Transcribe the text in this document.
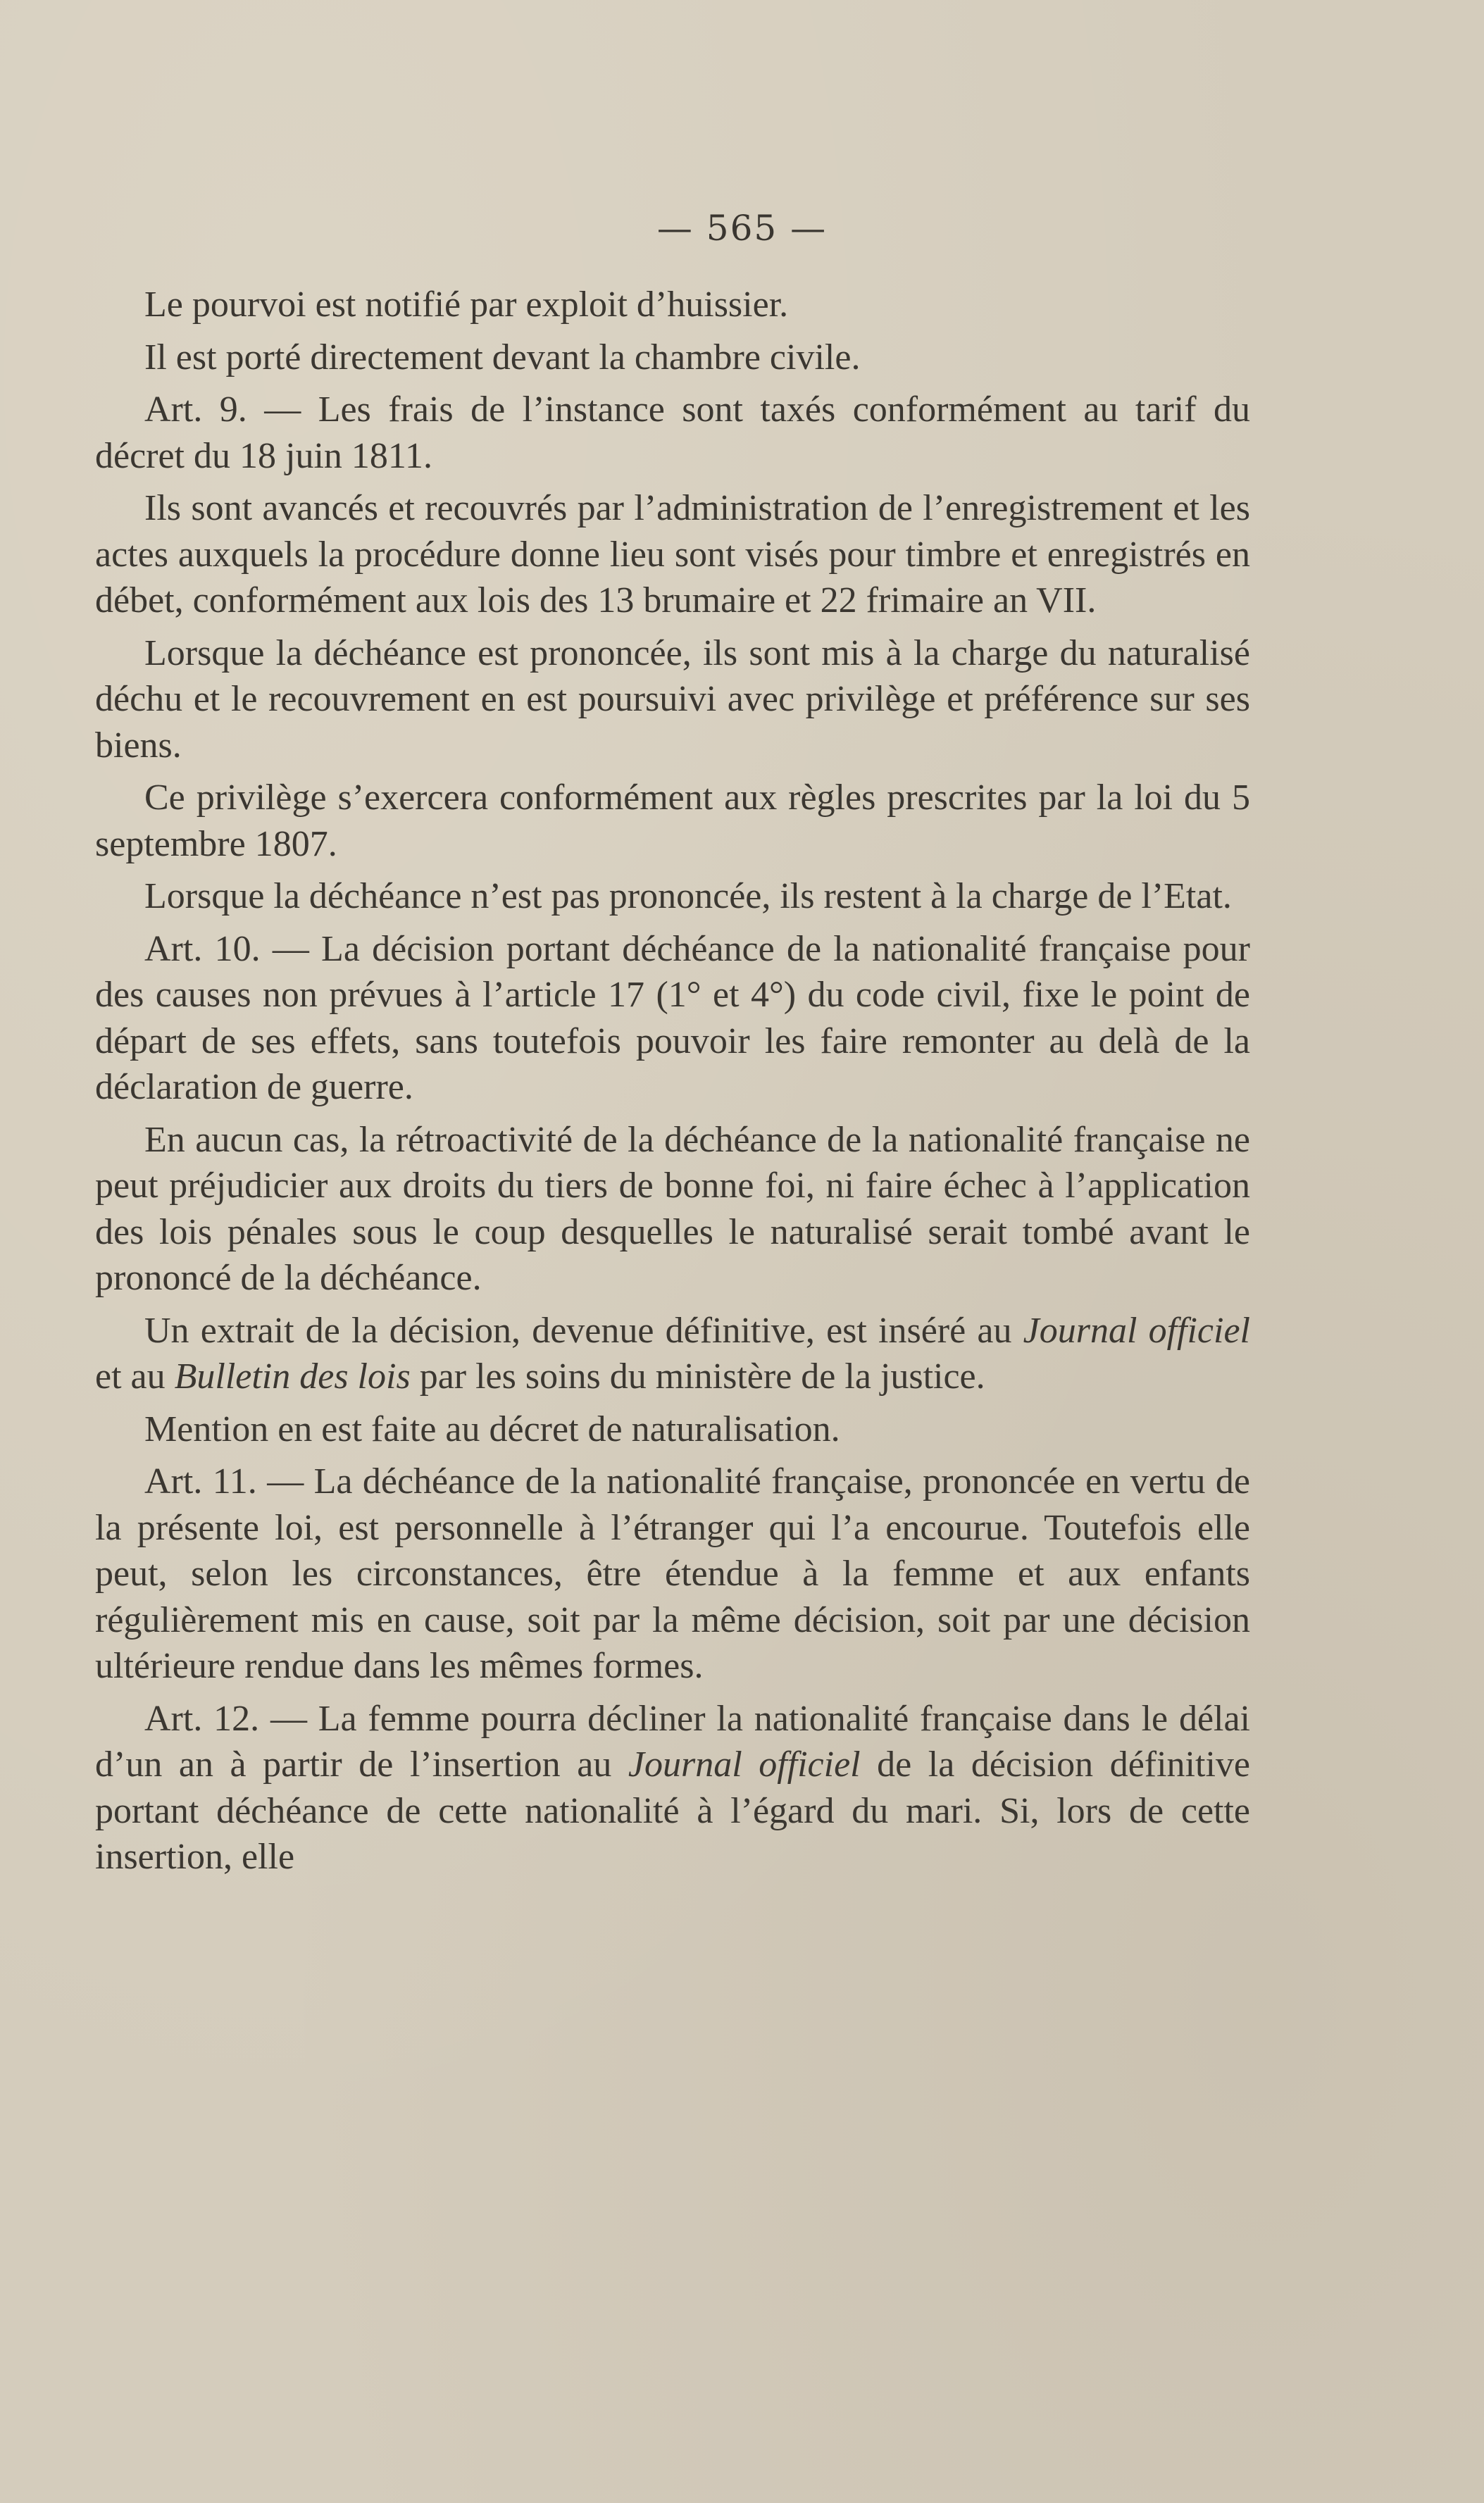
— 565 —

Le pourvoi est notifié par exploit d’huissier.

Il est porté directement devant la chambre civile.

Art. 9. — Les frais de l’instance sont taxés conformément au tarif du décret du 18 juin 1811.

Ils sont avancés et recouvrés par l’administration de l’enregistrement et les actes auxquels la procédure donne lieu sont visés pour timbre et enregistrés en débet, conformément aux lois des 13 brumaire et 22 frimaire an VII.

Lorsque la déchéance est prononcée, ils sont mis à la charge du naturalisé déchu et le recouvrement en est poursuivi avec privilège et préférence sur ses biens.

Ce privilège s’exercera conformément aux règles prescrites par la loi du 5 septembre 1807.

Lorsque la déchéance n’est pas prononcée, ils restent à la charge de l’Etat.

Art. 10. — La décision portant déchéance de la nationalité française pour des causes non prévues à l’article 17 (1° et 4°) du code civil, fixe le point de départ de ses effets, sans toutefois pouvoir les faire remonter au delà de la déclaration de guerre.

En aucun cas, la rétroactivité de la déchéance de la nationalité française ne peut préjudicier aux droits du tiers de bonne foi, ni faire échec à l’application des lois pénales sous le coup desquelles le naturalisé serait tombé avant le prononcé de la déchéance.

Un extrait de la décision, devenue définitive, est inséré au Journal officiel et au Bulletin des lois par les soins du ministère de la justice.

Mention en est faite au décret de naturalisation.

Art. 11. — La déchéance de la nationalité française, prononcée en vertu de la présente loi, est personnelle à l’étranger qui l’a encourue. Toutefois elle peut, selon les circonstances, être étendue à la femme et aux enfants régulièrement mis en cause, soit par la même décision, soit par une décision ultérieure rendue dans les mêmes formes.

Art. 12. — La femme pourra décliner la nationalité française dans le délai d’un an à partir de l’insertion au Journal officiel de la décision définitive portant déchéance de cette nationalité à l’égard du mari. Si, lors de cette insertion, elle
